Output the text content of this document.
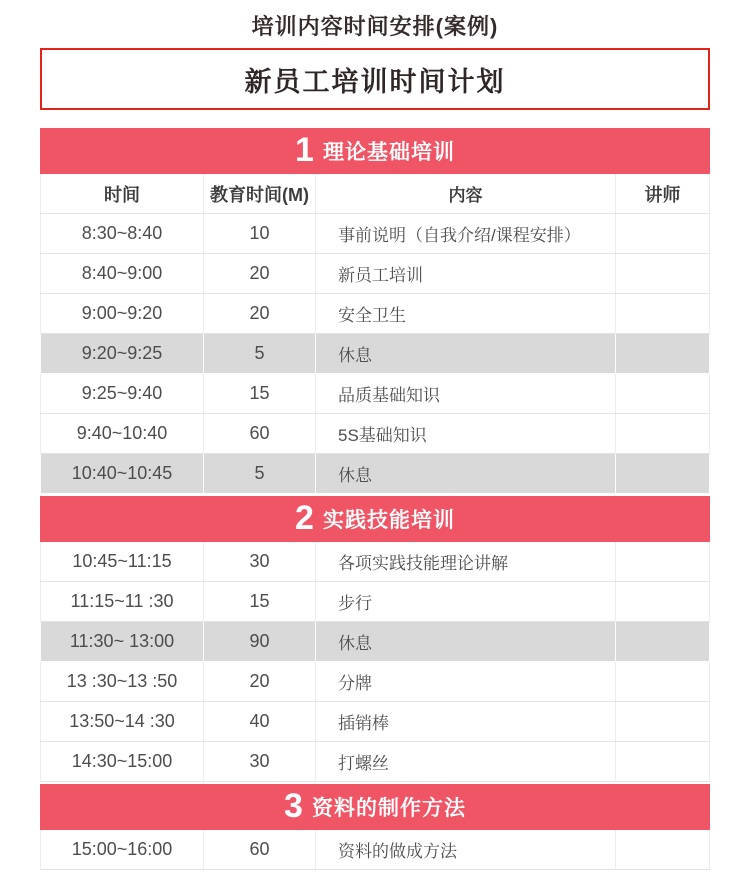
培训内容时间安排(案例)
新员工培训时间计划
1 理论基础培训
时间	教育时间(M)	内容	讲师
8:30~8:40	10	事前说明（自我介绍/课程安排）
8:40~9:00	20	新员工培训
9:00~9:20	20	安全卫生
9:20~9:25	5	休息
9:25~9:40	15	品质基础知识
9:40~10:40	60	5S基础知识
10:40~10:45	5	休息
2 实践技能培训
10:45~11:15	30	各项实践技能理论讲解
11:15~11 :30	15	步行
11:30~ 13:00	90	休息
13 :30~13 :50	20	分牌
13:50~14 :30	40	插销棒
14:30~15:00	30	打螺丝
3 资料的制作方法
15:00~16:00	60	资料的做成方法
